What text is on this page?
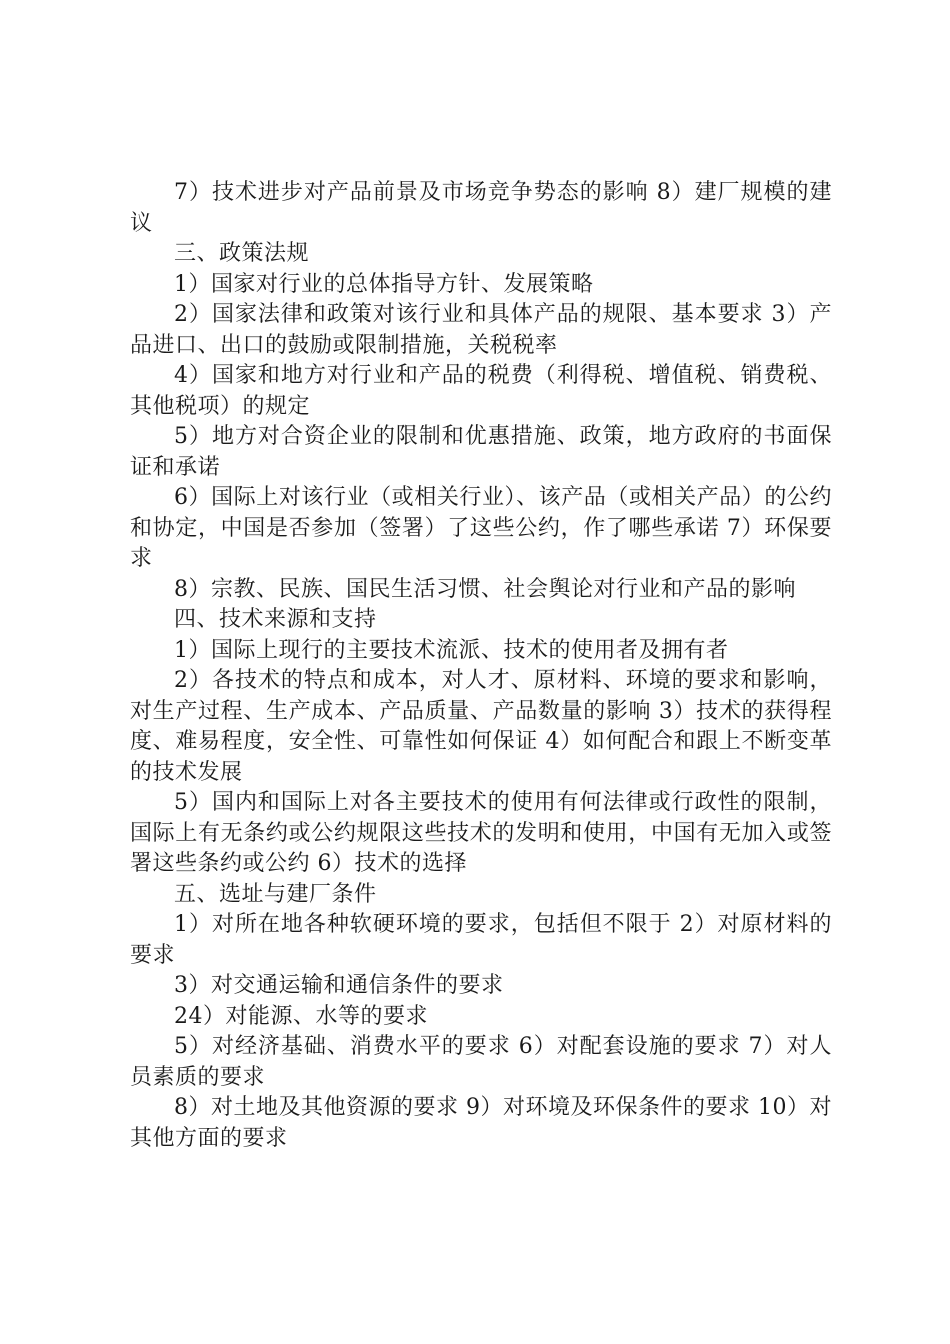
7）技术进步对产品前景及市场竞争势态的影响 8）建厂规模的建议

三、政策法规

1）国家对行业的总体指导方针、发展策略

2）国家法律和政策对该行业和具体产品的规限、基本要求 3）产品进口、出口的鼓励或限制措施，关税税率

4）国家和地方对行业和产品的税费（利得税、增值税、销费税、其他税项）的规定

5）地方对合资企业的限制和优惠措施、政策，地方政府的书面保证和承诺

6）国际上对该行业（或相关行业）、该产品（或相关产品）的公约和协定，中国是否参加（签署）了这些公约，作了哪些承诺 7）环保要求

8）宗教、民族、国民生活习惯、社会舆论对行业和产品的影响

四、技术来源和支持

1）国际上现行的主要技术流派、技术的使用者及拥有者

2）各技术的特点和成本，对人才、原材料、环境的要求和影响，对生产过程、生产成本、产品质量、产品数量的影响 3）技术的获得程度、难易程度，安全性、可靠性如何保证 4）如何配合和跟上不断变革的技术发展

5）国内和国际上对各主要技术的使用有何法律或行政性的限制，国际上有无条约或公约规限这些技术的发明和使用，中国有无加入或签署这些条约或公约 6）技术的选择

五、选址与建厂条件

1）对所在地各种软硬环境的要求，包括但不限于 2）对原材料的要求

3）对交通运输和通信条件的要求

24）对能源、水等的要求

5）对经济基础、消费水平的要求 6）对配套设施的要求 7）对人员素质的要求

8）对土地及其他资源的要求 9）对环境及环保条件的要求 10）对其他方面的要求
